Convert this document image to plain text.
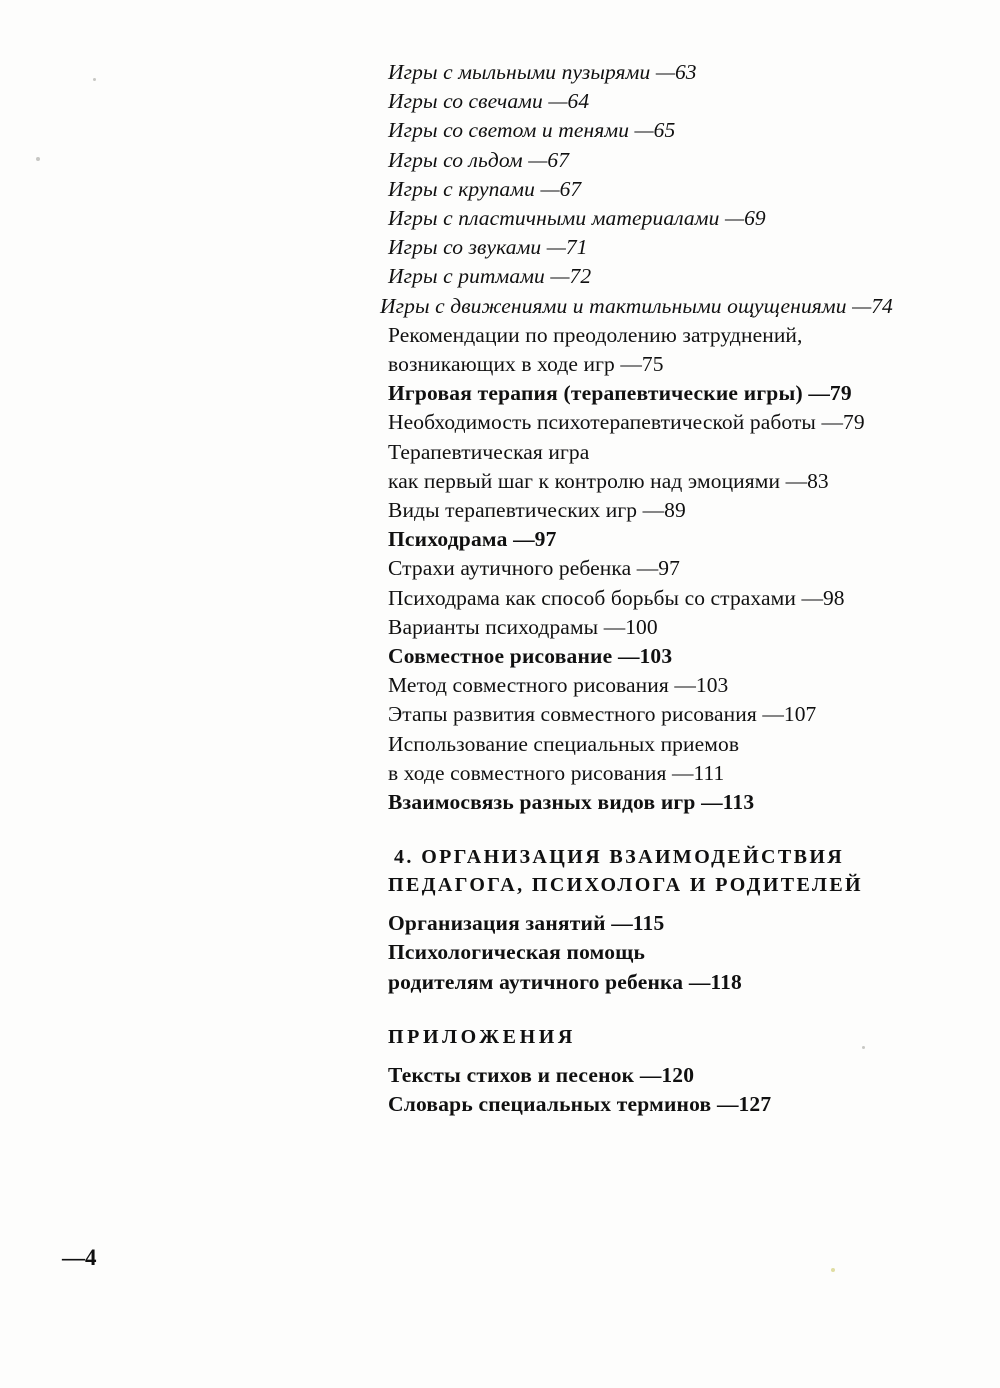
Игры с мыльными пузырями —63
Игры со свечами —64
Игры со светом и тенями —65
Игры со льдом —67
Игры с крупами —67
Игры с пластичными материалами —69
Игры со звуками —71
Игры с ритмами —72
Игры с движениями и тактильными ощущениями —74
Рекомендации по преодолению затруднений,
возникающих в ходе игр —75
Игровая терапия (терапевтические игры) —79
Необходимость психотерапевтической работы —79
Терапевтическая игра
как первый шаг к контролю над эмоциями —83
Виды терапевтических игр —89
Психодрама —97
Страхи аутичного ребенка —97
Психодрама как способ борьбы со страхами —98
Варианты психодрамы —100
Совместное рисование —103
Метод совместного рисования —103
Этапы развития совместного рисования —107
Использование специальных приемов
в ходе совместного рисования —111
Взаимосвязь разных видов игр —113
4. ОРГАНИЗАЦИЯ ВЗАИМОДЕЙСТВИЯ
ПЕДАГОГА, ПСИХОЛОГА И РОДИТЕЛЕЙ
Организация занятий —115
Психологическая помощь
родителям аутичного ребенка —118
ПРИЛОЖЕНИЯ
Тексты стихов и песенок —120
Словарь специальных терминов —127
—4
